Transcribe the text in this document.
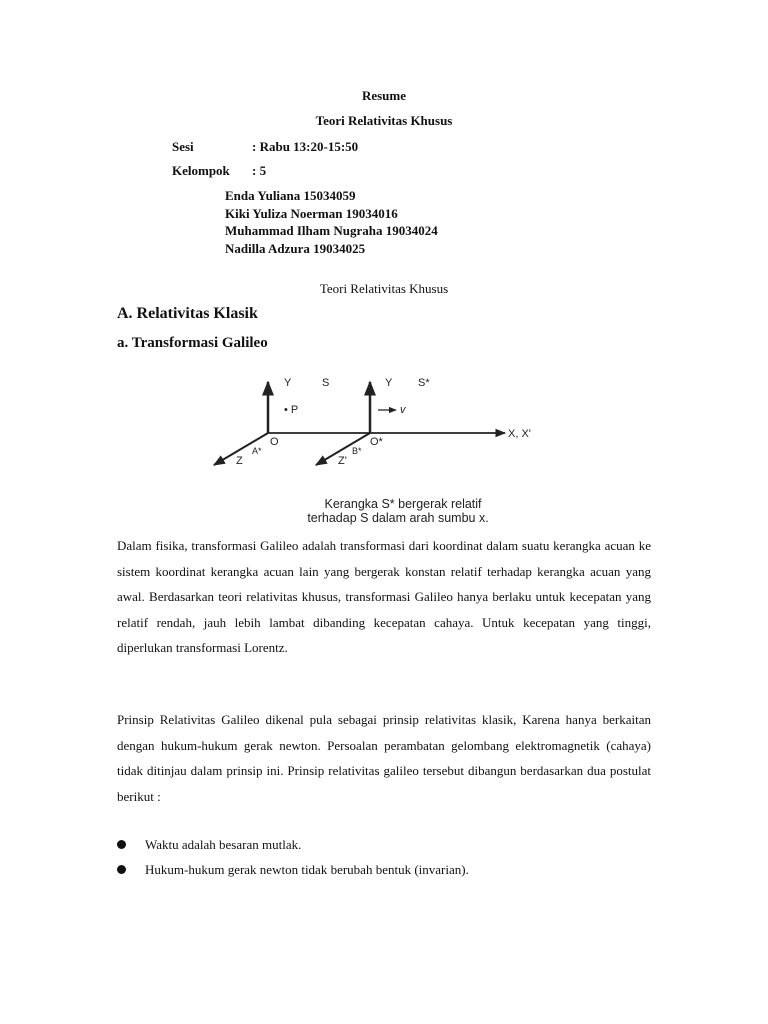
Resume
Teori Relativitas Khusus
Sesi	: Rabu 13:20-15:50
Kelompok : 5
Enda Yuliana 15034059
Kiki Yuliza Noerman 19034016
Muhammad Ilham Nugraha 19034024
Nadilla Adzura 19034025
Teori Relativitas Khusus
A. Relativitas Klasik
a. Transformasi Galileo
Y	S	Y S*
• P	v
O	O*
X, X'
A*	B*
Z	Z'
Kerangka S* bergerak relatif
terhadap S dalam arah sumbu x.
Dalam fisika, transformasi Galileo adalah transformasi dari koordinat dalam suatu kerangka acuan ke sistem koordinat kerangka acuan lain yang bergerak konstan relatif terhadap kerangka acuan yang awal. Berdasarkan teori relativitas khusus, transformasi Galileo hanya berlaku untuk kecepatan yang relatif rendah, jauh lebih lambat dibanding kecepatan cahaya. Untuk kecepatan yang tinggi, diperlukan transformasi Lorentz.
Prinsip Relativitas Galileo dikenal pula sebagai prinsip relativitas klasik, Karena hanya berkaitan dengan hukum-hukum gerak newton. Persoalan perambatan gelombang elektromagnetik (cahaya) tidak ditinjau dalam prinsip ini. Prinsip relativitas galileo tersebut dibangun berdasarkan dua postulat berikut :
Waktu adalah besaran mutlak.
Hukum-hukum gerak newton tidak berubah bentuk (invarian).
